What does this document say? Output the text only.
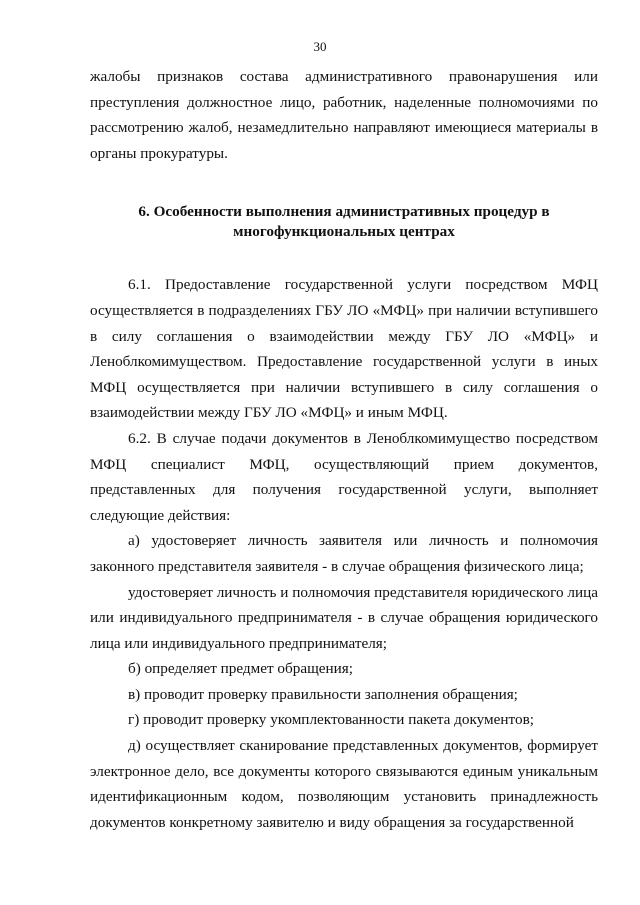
30

жалобы признаков состава административного правонарушения или преступления должностное лицо, работник, наделенные полномочиями по рассмотрению жалоб, незамедлительно направляют имеющиеся материалы в органы прокуратуры.

6. Особенности выполнения административных процедур в
многофункциональных центрах

6.1. Предоставление государственной услуги посредством МФЦ осуществляется в подразделениях ГБУ ЛО «МФЦ» при наличии вступившего в силу соглашения о взаимодействии между ГБУ ЛО «МФЦ» и Леноблкомимуществом. Предоставление государственной услуги в иных МФЦ осуществляется при наличии вступившего в силу соглашения о взаимодействии между ГБУ ЛО «МФЦ» и иным МФЦ.

6.2. В случае подачи документов в Леноблкомимущество посредством МФЦ специалист МФЦ, осуществляющий прием документов, представленных для получения государственной услуги, выполняет следующие действия:

а) удостоверяет личность заявителя или личность и полномочия законного представителя заявителя - в случае обращения физического лица;

удостоверяет личность и полномочия представителя юридического лица или индивидуального предпринимателя - в случае обращения юридического лица или индивидуального предпринимателя;

б) определяет предмет обращения;

в) проводит проверку правильности заполнения обращения;

г) проводит проверку укомплектованности пакета документов;

д) осуществляет сканирование представленных документов, формирует электронное дело, все документы которого связываются единым уникальным идентификационным кодом, позволяющим установить принадлежность документов конкретному заявителю и виду обращения за государственной
